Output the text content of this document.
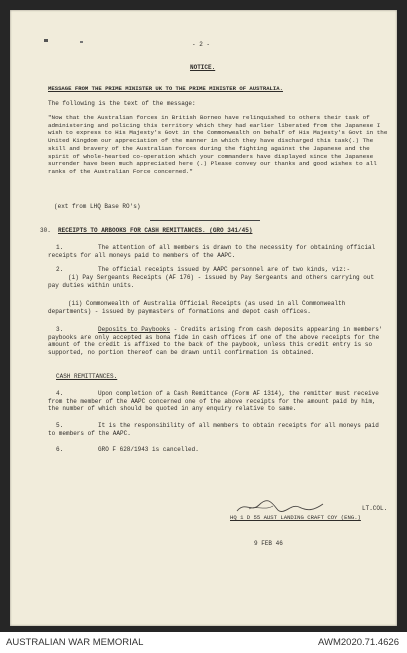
- 2 -
NOTICE.
MESSAGE FROM THE PRIME MINISTER UK TO THE PRIME MINISTER OF AUSTRALIA.
The following is the text of the message:
"Now that the Australian forces in British Borneo have relinquished to others their task of administering and policing this territory which they had earlier liberated from the Japanese I wish to express to His Majesty's Govt in the Commonwealth on behalf of His Majesty's Govt in the United Kingdom our appreciation of the manner in which they have discharged this task(.) The skill and bravery of the Australian forces during the fighting against the Japanese and the spirit of whole-hearted co-operation which your commanders have displayed since the Japanese surrender have been much appreciated here (.) Please convey our thanks and good wishes to all ranks of the Australian Force concerned."
(ext from LHQ Base RO's)
30. RECEIPTS TO ARBOOKS FOR CASH REMITTANCES. (GRO 341/45)
1.	The attention of all members is drawn to the necessity for obtaining official receipts for all moneys paid to members of the AAPC.
2.	The official receipts issued by AAPC personnel are of two kinds, viz:-
(i) Pay Sergeants Receipts (AF 176) - issued by Pay Sergeants and others carrying out pay duties within units.
(ii) Commonwealth of Australia Official Receipts (as used in all Commonwealth departments) - issued by paymasters of formations and depot cash offices.
3.	Deposits to Paybooks - Credits arising from cash deposits appearing in members' paybooks are only accepted as bona fide in cash offices if one of the above receipts for the amount of the credit is affixed to the back of the paybook, unless this credit entry is so supported, no portion thereof can be drawn until confirmation is obtained.
CASH REMITTANCES.
4.	Upon completion of a Cash Remittance (Form AF 1314), the remitter must receive from the member of the AAPC concerned one of the above receipts for the amount paid by him, the number of which should be quoted in any enquiry relative to same.
5.	It is the responsibility of all members to obtain receipts for all moneys paid to members of the AAPC.
6.	GRO F 628/1943 is cancelled.
LT.COL.
HQ 1 D 55 AUST LANDING CRAFT COY (ENG.)
9 FEB 46
AUSTRALIAN WAR MEMORIAL	AWM2020.71.4626
